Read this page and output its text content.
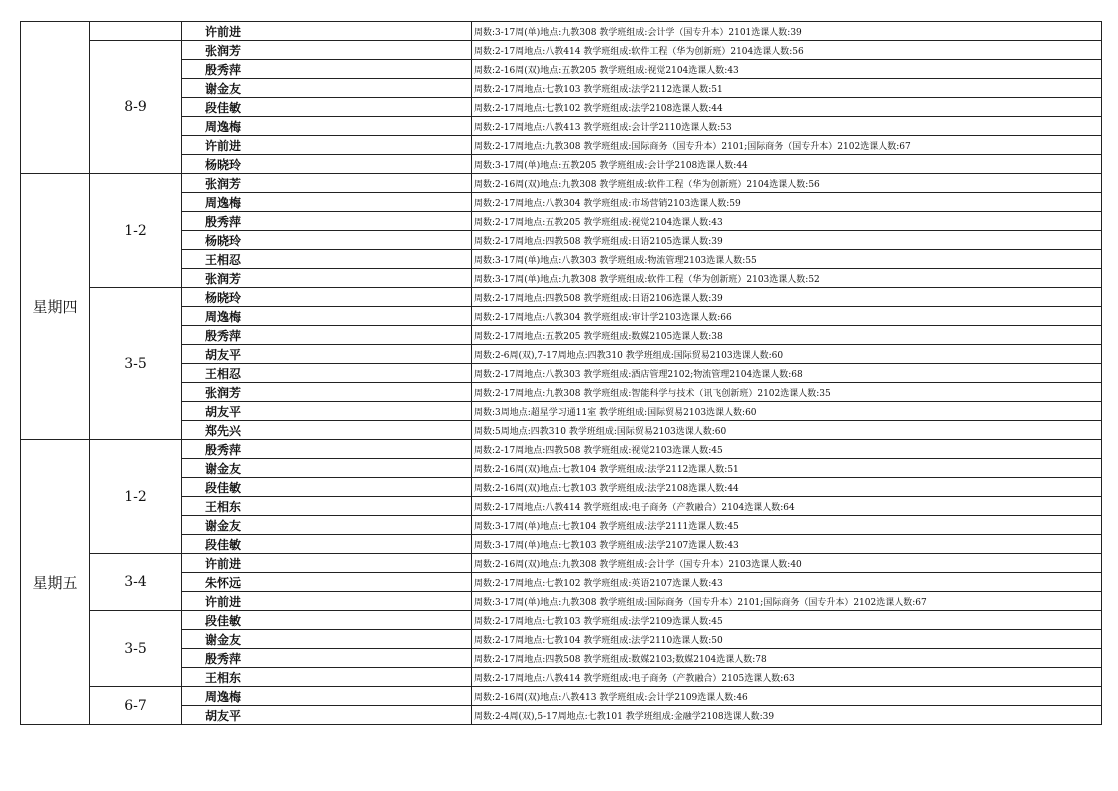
		许前进	周数:3-17周(单)地点:九教308 教学班组成:会计学（国专升本）2101选课人数:39
	8-9	张润芳	周数:2-17周地点:八教414 教学班组成:软件工程（华为创新班）2104选课人数:56
		殷秀萍	周数:2-16周(双)地点:五教205 教学班组成:视觉2104选课人数:43
		谢金友	周数:2-17周地点:七教103 教学班组成:法学2112选课人数:51
		段佳敏	周数:2-17周地点:七教102 教学班组成:法学2108选课人数:44
		周逸梅	周数:2-17周地点:八教413 教学班组成:会计学2110选课人数:53
		许前进	周数:2-17周地点:九教308 教学班组成:国际商务（国专升本）2101;国际商务（国专升本）2102选课人数:67
		杨晓玲	周数:3-17周(单)地点:五教205 教学班组成:会计学2108选课人数:44
星期四	1-2	张润芳	周数:2-16周(双)地点:九教308 教学班组成:软件工程（华为创新班）2104选课人数:56
		周逸梅	周数:2-17周地点:八教304 教学班组成:市场营销2103选课人数:59
		殷秀萍	周数:2-17周地点:五教205 教学班组成:视觉2104选课人数:43
		杨晓玲	周数:2-17周地点:四教508 教学班组成:日语2105选课人数:39
		王相忍	周数:3-17周(单)地点:八教303 教学班组成:物流管理2103选课人数:55
		张润芳	周数:3-17周(单)地点:九教308 教学班组成:软件工程（华为创新班）2103选课人数:52
	3-5	杨晓玲	周数:2-17周地点:四教508 教学班组成:日语2106选课人数:39
		周逸梅	周数:2-17周地点:八教304 教学班组成:审计学2103选课人数:66
		殷秀萍	周数:2-17周地点:五教205 教学班组成:数媒2105选课人数:38
		胡友平	周数:2-6周(双),7-17周地点:四教310 教学班组成:国际贸易2103选课人数:60
		王相忍	周数:2-17周地点:八教303 教学班组成:酒店管理2102;物流管理2104选课人数:68
		张润芳	周数:2-17周地点:九教308 教学班组成:智能科学与技术（讯飞创新班）2102选课人数:35
		胡友平	周数:3周地点:超星学习通11室 教学班组成:国际贸易2103选课人数:60
		郑先兴	周数:5周地点:四教310 教学班组成:国际贸易2103选课人数:60
星期五	1-2	殷秀萍	周数:2-17周地点:四教508 教学班组成:视觉2103选课人数:45
		谢金友	周数:2-16周(双)地点:七教104 教学班组成:法学2112选课人数:51
		段佳敏	周数:2-16周(双)地点:七教103 教学班组成:法学2108选课人数:44
		王相东	周数:2-17周地点:八教414 教学班组成:电子商务（产教融合）2104选课人数:64
		谢金友	周数:3-17周(单)地点:七教104 教学班组成:法学2111选课人数:45
		段佳敏	周数:3-17周(单)地点:七教103 教学班组成:法学2107选课人数:43
	3-4	许前进	周数:2-16周(双)地点:九教308 教学班组成:会计学（国专升本）2103选课人数:40
		朱怀远	周数:2-17周地点:七教102 教学班组成:英语2107选课人数:43
		许前进	周数:3-17周(单)地点:九教308 教学班组成:国际商务（国专升本）2101;国际商务（国专升本）2102选课人数:67
	3-5	段佳敏	周数:2-17周地点:七教103 教学班组成:法学2109选课人数:45
		谢金友	周数:2-17周地点:七教104 教学班组成:法学2110选课人数:50
		殷秀萍	周数:2-17周地点:四教508 教学班组成:数媒2103;数媒2104选课人数:78
		王相东	周数:2-17周地点:八教414 教学班组成:电子商务（产教融合）2105选课人数:63
	6-7	周逸梅	周数:2-16周(双)地点:八教413 教学班组成:会计学2109选课人数:46
		胡友平	周数:2-4周(双),5-17周地点:七教101 教学班组成:金融学2108选课人数:39
